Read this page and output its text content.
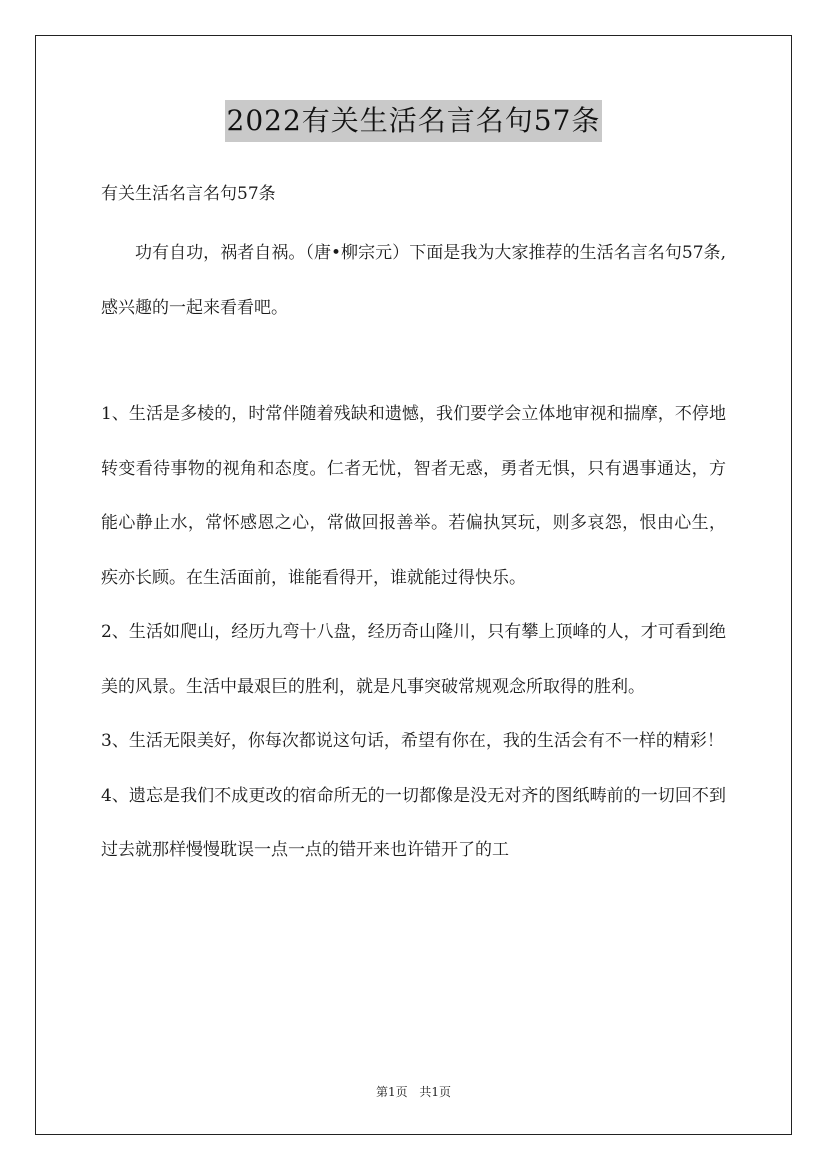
2022有关生活名言名句57条
有关生活名言名句57条

功有自功，祸者自祸。（唐•柳宗元）下面是我为大家推荐的生活名言名句57条,感兴趣的一起来看看吧。

1、生活是多棱的，时常伴随着残缺和遗憾，我们要学会立体地审视和揣摩，不停地转变看待事物的视角和态度。仁者无忧，智者无惑，勇者无惧，只有遇事通达，方能心静止水，常怀感恩之心，常做回报善举。若偏执冥玩，则多哀怨，恨由心生，疾亦长顾。在生活面前，谁能看得开，谁就能过得快乐。

2、生活如爬山，经历九弯十八盘，经历奇山隆川，只有攀上顶峰的人，才可看到绝美的风景。生活中最艰巨的胜利，就是凡事突破常规观念所取得的胜利。

3、生活无限美好，你每次都说这句话，希望有你在，我的生活会有不一样的精彩！

4、遗忘是我们不成更改的宿命所无的一切都像是没无对齐的图纸畴前的一切回不到过去就那样慢慢耽误一点一点的错开来也许错开了的工

第1页 共1页
